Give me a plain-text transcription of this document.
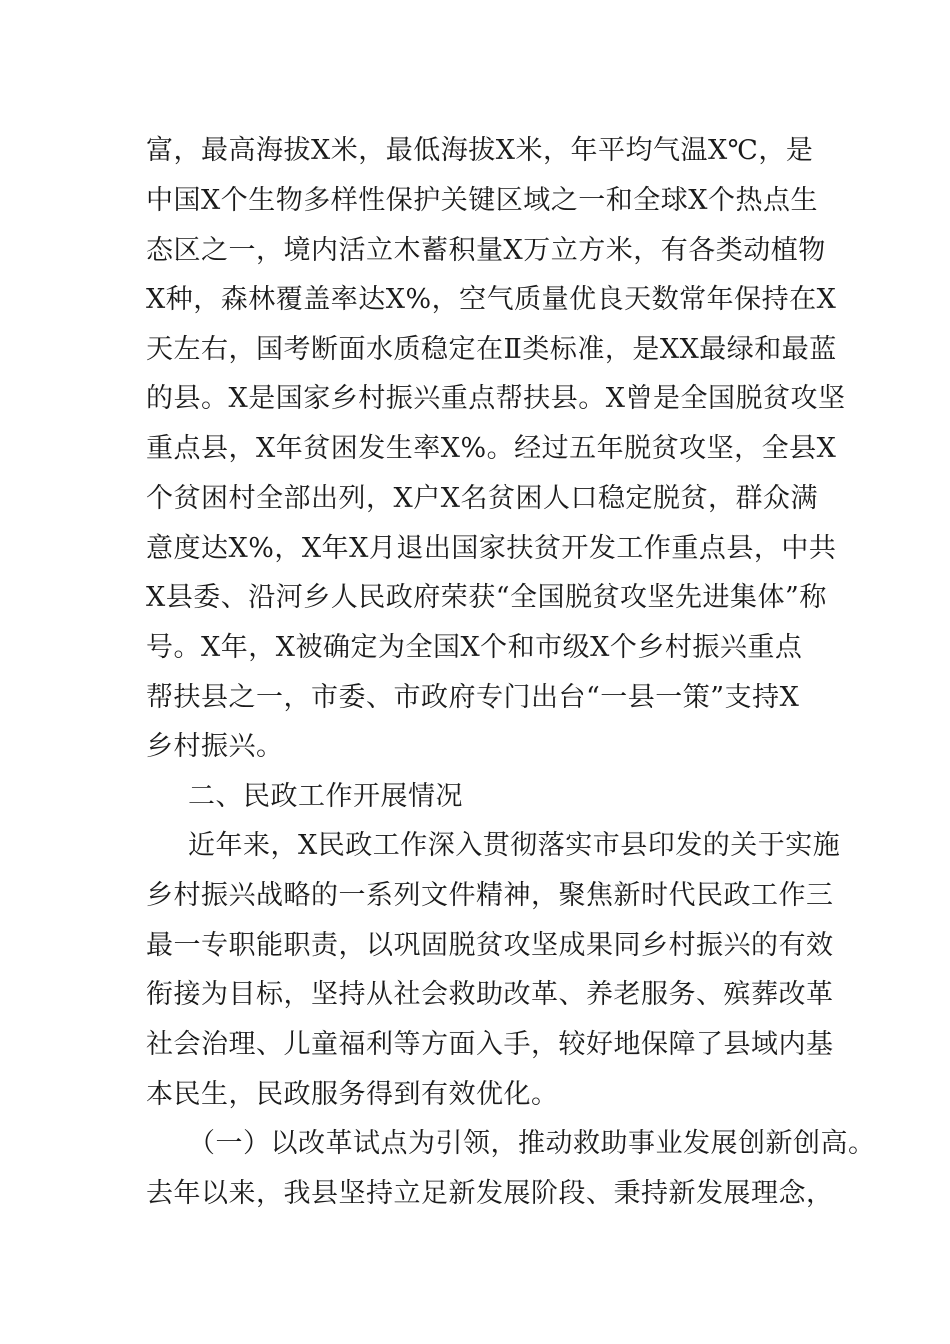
富，最高海拔X米，最低海拔X米，年平均气温X℃，是

中国X个生物多样性保护关键区域之一和全球X个热点生

态区之一，境内活立木蓄积量X万立方米，有各类动植物

X种，森林覆盖率达X%，空气质量优良天数常年保持在X

天左右，国考断面水质稳定在Ⅱ类标准，是XX最绿和最蓝

的县。X是国家乡村振兴重点帮扶县。X曾是全国脱贫攻坚

重点县，X年贫困发生率X%。经过五年脱贫攻坚，全县X

个贫困村全部出列，X户X名贫困人口稳定脱贫，群众满

意度达X%，X年X月退出国家扶贫开发工作重点县，中共

X县委、沿河乡人民政府荣获“全国脱贫攻坚先进集体”称

号。X年，X被确定为全国X个和市级X个乡村振兴重点

帮扶县之一，市委、市政府专门出台“一县一策”支持X

乡村振兴。

二、民政工作开展情况

近年来，X民政工作深入贯彻落实市县印发的关于实施

乡村振兴战略的一系列文件精神，聚焦新时代民政工作三

最一专职能职责，以巩固脱贫攻坚成果同乡村振兴的有效

衔接为目标，坚持从社会救助改革、养老服务、殡葬改革

社会治理、儿童福利等方面入手，较好地保障了县域内基

本民生，民政服务得到有效优化。

（一）以改革试点为引领，推动救助事业发展创新创高。

去年以来，我县坚持立足新发展阶段、秉持新发展理念，
